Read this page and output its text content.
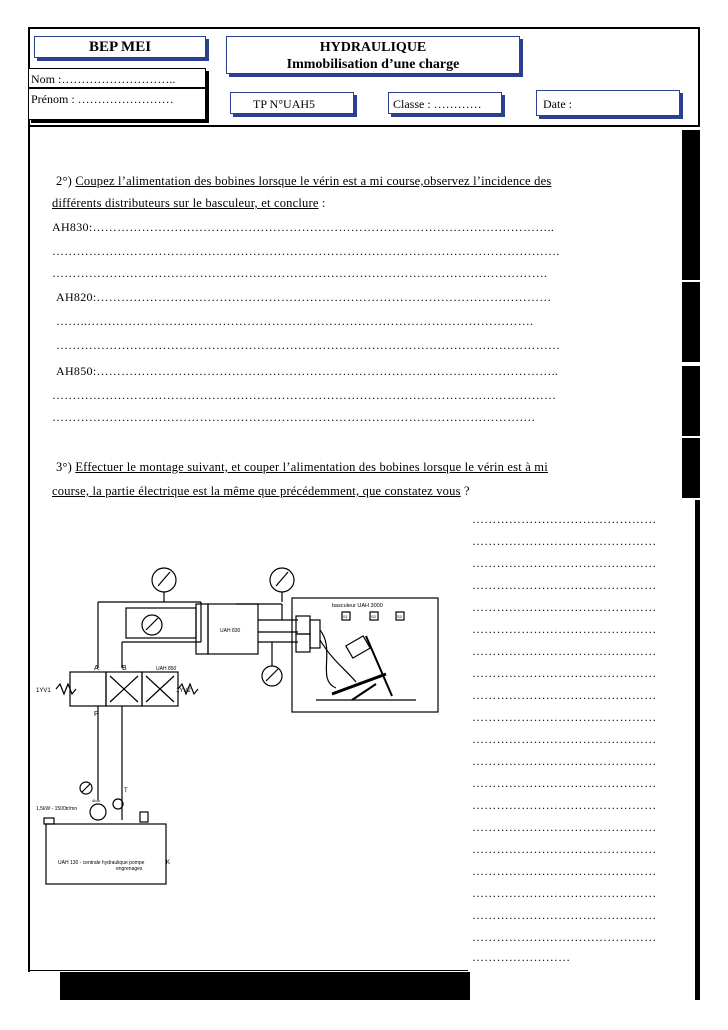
BEP MEI	HYDRAULIQUE
Immobilisation d’une charge
Nom :………………………..
Prénom : ……………………	TP N°UAH5	Classe : …………	Date :
2°) Coupez l’alimentation des bobines lorsque le vérin est a mi course,observez l’incidence des
différents distributeurs sur le basculeur, et conclure :
AH830:…………………………………………………………………………………………………..
…………………………………………………………………………………………………………….
………………………………………………………………………………………………………….
AH820:…………………………………………………………………………………………………
……..……………………………………………………………………………………………….
……………………………………………………………………………………………………………
AH850:…………………………………………………………………………………………………..
……………………………………………………………………………………………………………
……………………………………………………………………………………………………….
3°) Effectuer le montage suivant, et couper l’alimentation des bobines lorsque le vérin est à mi
course, la partie électrique est la même que précédemment, que constatez vous ?
………………………………………
………………………………………
………………………………………
………………………………………
………………………………………
………………………………………
………………………………………
………………………………………
………………………………………
………………………………………
………………………………………
………………………………………
………………………………………
………………………………………
………………………………………
………………………………………
………………………………………
………………………………………
………………………………………
………………………………………
……………………
UAH 830
basculeur UAH 3000
S1	S2	S3
A	B
P
1YV1	1YV2
UAH 850
T
1,5kW - 1500tr/mn
4bar
UAH 130 - centrale hydraulique pompe
engrenages
K
